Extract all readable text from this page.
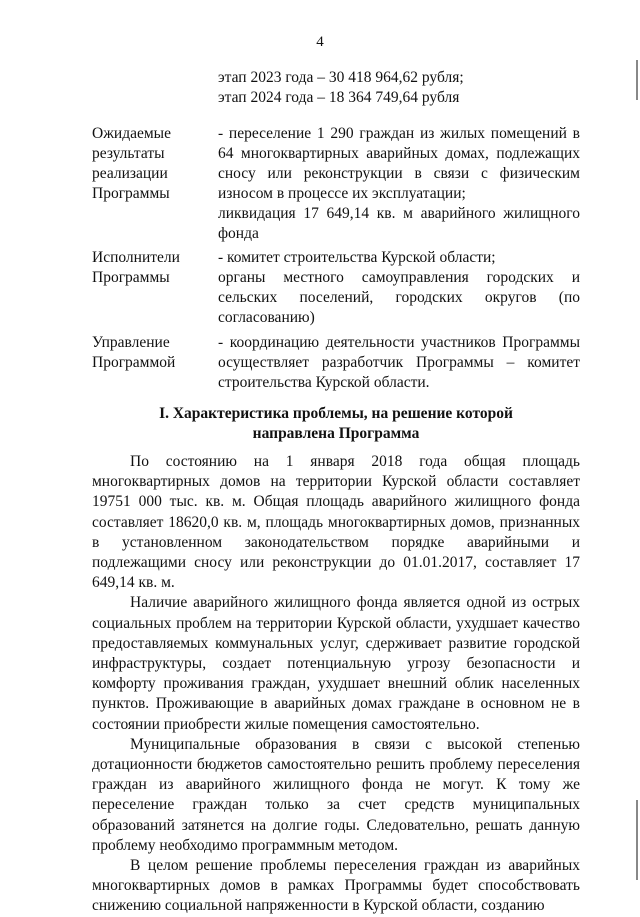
4

этап 2023 года – 30 418 964,62 рубля;

этап 2024 года – 18 364 749,64 рубля

Ожидаемые
результаты
реализации
Программы

- переселение 1 290 граждан из жилых помещений в 64 многоквартирных аварийных домах, подлежащих сносу или реконструкции в связи с физическим износом в процессе их эксплуатации;

ликвидация 17 649,14 кв. м аварийного жилищного фонда

Исполнители
Программы

- комитет строительства Курской области;

органы местного самоуправления городских и сельских поселений, городских округов (по согласованию)

Управление
Программой

- координацию деятельности участников Программы осуществляет разработчик Программы – комитет строительства Курской области.

I. Характеристика проблемы, на решение которой
направлена Программа

По состоянию на 1 января 2018 года общая площадь многоквартирных домов на территории Курской области составляет 19751 000 тыс. кв. м. Общая площадь аварийного жилищного фонда составляет 18620,0 кв. м, площадь многоквартирных домов, признанных в установленном законодательством порядке аварийными и подлежащими сносу или реконструкции до 01.01.2017, составляет 17 649,14 кв. м.

Наличие аварийного жилищного фонда является одной из острых социальных проблем на территории Курской области, ухудшает качество предоставляемых коммунальных услуг, сдерживает развитие городской инфраструктуры, создает потенциальную угрозу безопасности и комфорту проживания граждан, ухудшает внешний облик населенных пунктов. Проживающие в аварийных домах граждане в основном не в состоянии приобрести жилые помещения самостоятельно.

Муниципальные образования в связи с высокой степенью дотационности бюджетов самостоятельно решить проблему переселения граждан из аварийного жилищного фонда не могут. К тому же переселение граждан только за счет средств муниципальных образований затянется на долгие годы. Следовательно, решать данную проблему необходимо программным методом.

В целом решение проблемы переселения граждан из аварийных многоквартирных домов в рамках Программы будет способствовать снижению социальной напряженности в Курской области, созданию
